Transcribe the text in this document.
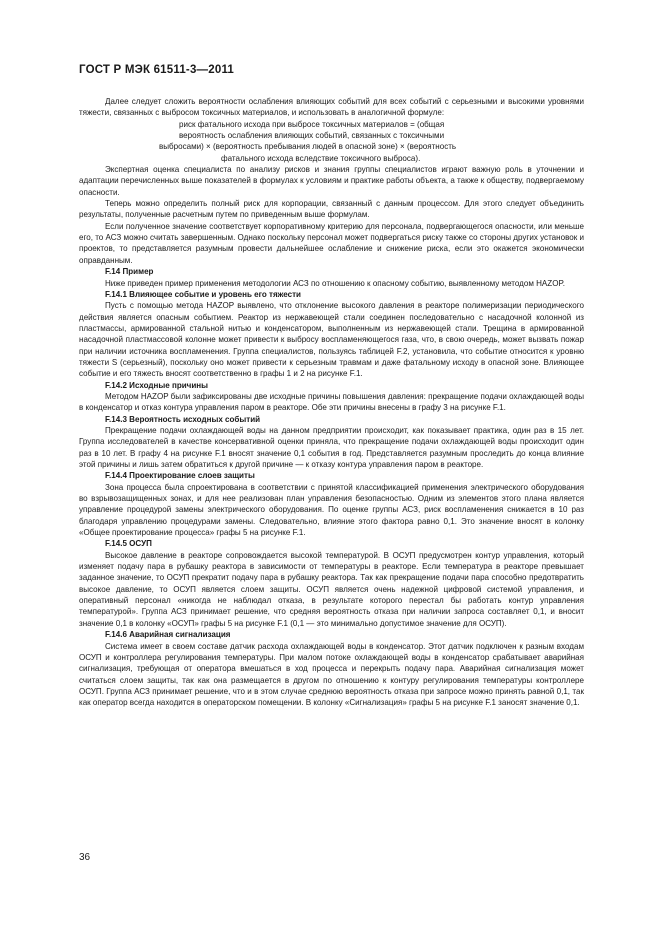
ГОСТ Р МЭК 61511-3—2011

Далее следует сложить вероятности ослабления влияющих событий для всех событий с серьезными и высокими уровнями тяжести, связанных с выбросом токсичных материалов, и использовать в аналогичной формуле:

риск фатального исхода при выбросе токсичных материалов = (общая

вероятность ослабления влияющих событий, связанных с токсичными

выбросами) × (вероятность пребывания людей в опасной зоне) × (вероятность

фатального исхода вследствие токсичного выброса).

Экспертная оценка специалиста по анализу рисков и знания группы специалистов играют важную роль в уточнении и адаптации перечисленных выше показателей в формулах к условиям и практике работы объекта, а также к обществу, подвергаемому опасности.

Теперь можно определить полный риск для корпорации, связанный с данным процессом. Для этого следует объединить результаты, полученные расчетным путем по приведенным выше формулам.

Если полученное значение соответствует корпоративному критерию для персонала, подвергающегося опасности, или меньше его, то АСЗ можно считать завершенным. Однако поскольку персонал может подвергаться риску также со стороны других установок и проектов, то представляется разумным провести дальнейшее ослабление и снижение риска, если это окажется экономически оправданным.

F.14 Пример

Ниже приведен пример применения методологии АСЗ по отношению к опасному событию, выявленному методом HAZOP.

F.14.1 Влияющее событие и уровень его тяжести

Пусть с помощью метода HAZOP выявлено, что отклонение высокого давления в реакторе полимеризации периодического действия является опасным событием. Реактор из нержавеющей стали соединен последовательно с насадочной колонной из пластмассы, армированной стальной нитью и конденсатором, выполненным из нержавеющей стали. Трещина в армированной насадочной пластмассовой колонне может привести к выбросу воспламеняющегося газа, что, в свою очередь, может вызвать пожар при наличии источника воспламенения. Группа специалистов, пользуясь таблицей F.2, установила, что событие относится к уровню тяжести S (серьезный), поскольку оно может привести к серьезным травмам и даже фатальному исходу в опасной зоне. Влияющее событие и его тяжесть вносят соответственно в графы 1 и 2 на рисунке F.1.

F.14.2 Исходные причины

Методом HAZOP были зафиксированы две исходные причины повышения давления: прекращение подачи охлаждающей воды в конденсатор и отказ контура управления паром в реакторе. Обе эти причины внесены в графу 3 на рисунке F.1.

F.14.3 Вероятность исходных событий

Прекращение подачи охлаждающей воды на данном предприятии происходит, как показывает практика, один раз в 15 лет. Группа исследователей в качестве консервативной оценки приняла, что прекращение подачи охлаждающей воды происходит один раз в 10 лет. В графу 4 на рисунке F.1 вносят значение 0,1 события в год. Представляется разумным проследить до конца влияние этой причины и лишь затем обратиться к другой причине — к отказу контура управления паром в реакторе.

F.14.4 Проектирование слоев защиты

Зона процесса была спроектирована в соответствии с принятой классификацией применения электрического оборудования во взрывозащищенных зонах, и для нее реализован план управления безопасностью. Одним из элементов этого плана является управление процедурой замены электрического оборудования. По оценке группы АСЗ, риск воспламенения снижается в 10 раз благодаря управлению процедурами замены. Следовательно, влияние этого фактора равно 0,1. Это значение вносят в колонку «Общее проектирование процесса» графы 5 на рисунке F.1.

F.14.5 ОСУП

Высокое давление в реакторе сопровождается высокой температурой. В ОСУП предусмотрен контур управления, который изменяет подачу пара в рубашку реактора в зависимости от температуры в реакторе. Если температура в реакторе превышает заданное значение, то ОСУП прекратит подачу пара в рубашку реактора. Так как прекращение подачи пара способно предотвратить высокое давление, то ОСУП является слоем защиты. ОСУП является очень надежной цифровой системой управления, и оперативный персонал «никогда не наблюдал отказа, в результате которого перестал бы работать контур управления температурой». Группа АСЗ принимает решение, что средняя вероятность отказа при наличии запроса составляет 0,1, и вносит значение 0,1 в колонку «ОСУП» графы 5 на рисунке F.1 (0,1 — это минимально допустимое значение для ОСУП).

F.14.6 Аварийная сигнализация

Система имеет в своем составе датчик расхода охлаждающей воды в конденсатор. Этот датчик подключен к разным входам ОСУП и контроллера регулирования температуры. При малом потоке охлаждающей воды в конденсатор срабатывает аварийная сигнализация, требующая от оператора вмешаться в ход процесса и перекрыть подачу пара. Аварийная сигнализация может считаться слоем защиты, так как она размещается в другом по отношению к контуру регулирования температуры контроллере ОСУП. Группа АСЗ принимает решение, что и в этом случае среднюю вероятность отказа при запросе можно принять равной 0,1, так как оператор всегда находится в операторском помещении. В колонку «Сигнализация» графы 5 на рисунке F.1 заносят значение 0,1.

36
